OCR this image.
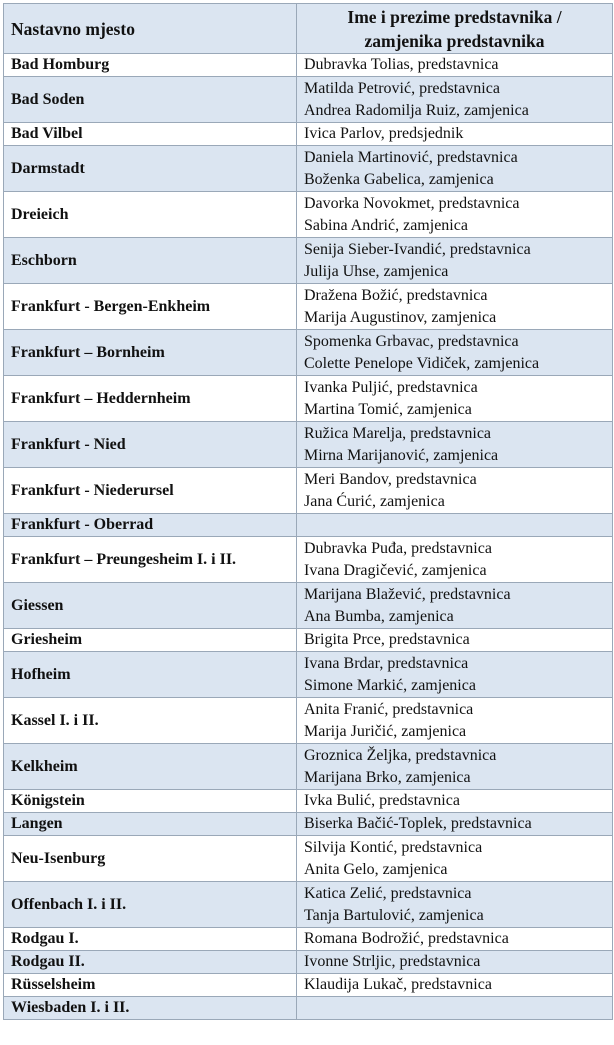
Nastavno mjesto	Ime i prezime predstavnika /
zamjenika predstavnika

Bad Homburg	Dubravka Tolias, predstavnica

Bad Soden	Matilda Petrović, predstavnica
Andrea Radomilja Ruiz, zamjenica

Bad Vilbel	Ivica Parlov, predsjednik

Darmstadt	Daniela Martinović, predstavnica
Boženka Gabelica, zamjenica

Dreieich	Davorka Novokmet, predstavnica
Sabina Andrić, zamjenica

Eschborn	Senija Sieber-Ivandić, predstavnica
Julija Uhse, zamjenica

Frankfurt - Bergen-Enkheim	Dražena Božić, predstavnica
Marija Augustinov, zamjenica

Frankfurt – Bornheim	Spomenka Grbavac, predstavnica
Colette Penelope Vidiček, zamjenica

Frankfurt – Heddernheim	Ivanka Puljić, predstavnica
Martina Tomić, zamjenica

Frankfurt - Nied	Ružica Marelja, predstavnica
Mirna Marijanović, zamjenica

Frankfurt - Niederursel	Meri Bandov, predstavnica
Jana Ćurić, zamjenica

Frankfurt - Oberrad	
Frankfurt – Preungesheim I. i II.	Dubravka Puđa, predstavnica
Ivana Dragičević, zamjenica

Giessen	Marijana Blažević, predstavnica
Ana Bumba, zamjenica

Griesheim	Brigita Prce, predstavnica

Hofheim	Ivana Brdar, predstavnica
Simone Markić, zamjenica

Kassel I. i II.	Anita Franić, predstavnica
Marija Juričić, zamjenica

Kelkheim	Groznica Željka, predstavnica
Marijana Brko, zamjenica

Königstein	Ivka Bulić, predstavnica

Langen	Biserka Bačić-Toplek, predstavnica

Neu-Isenburg	Silvija Kontić, predstavnica
Anita Gelo, zamjenica

Offenbach I. i II.	Katica Zelić, predstavnica
Tanja Bartulović, zamjenica

Rodgau I.	Romana Bodrožić, predstavnica

Rodgau II.	Ivonne Strljic, predstavnica

Rüsselsheim	Klaudija Lukač, predstavnica

Wiesbaden I. i II.	
